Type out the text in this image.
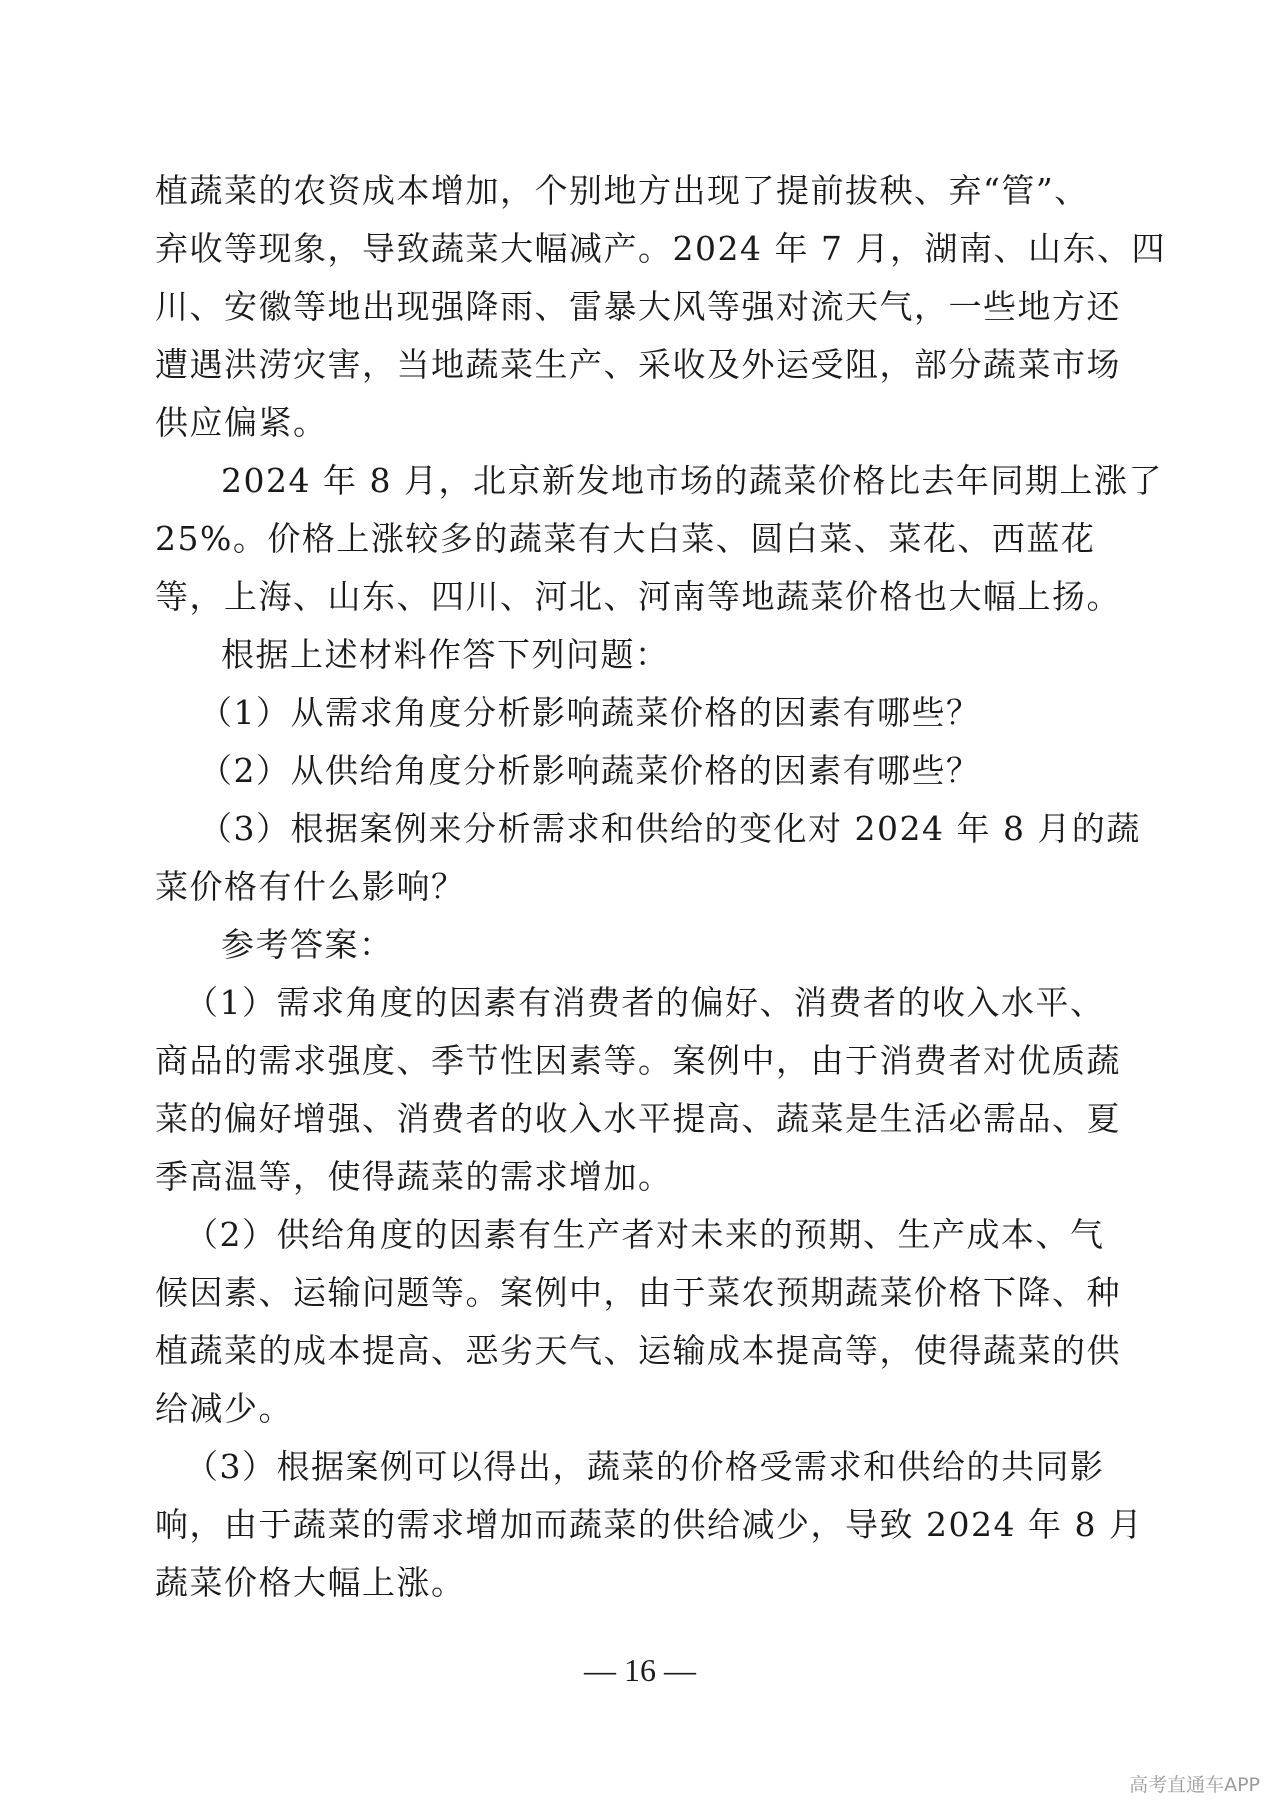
植蔬菜的农资成本增加，个别地方出现了提前拔秧、弃“管”、
弃收等现象，导致蔬菜大幅减产。2024 年 7 月，湖南、山东、四
川、安徽等地出现强降雨、雷暴大风等强对流天气，一些地方还
遭遇洪涝灾害，当地蔬菜生产、采收及外运受阻，部分蔬菜市场
供应偏紧。
2024 年 8 月，北京新发地市场的蔬菜价格比去年同期上涨了
25%。价格上涨较多的蔬菜有大白菜、圆白菜、菜花、西蓝花
等，上海、山东、四川、河北、河南等地蔬菜价格也大幅上扬。
根据上述材料作答下列问题：
（1）从需求角度分析影响蔬菜价格的因素有哪些？
（2）从供给角度分析影响蔬菜价格的因素有哪些？
（3）根据案例来分析需求和供给的变化对 2024 年 8 月的蔬
菜价格有什么影响？
参考答案：
（1）需求角度的因素有消费者的偏好、消费者的收入水平、
商品的需求强度、季节性因素等。案例中，由于消费者对优质蔬
菜的偏好增强、消费者的收入水平提高、蔬菜是生活必需品、夏
季高温等，使得蔬菜的需求增加。
（2）供给角度的因素有生产者对未来的预期、生产成本、气
候因素、运输问题等。案例中，由于菜农预期蔬菜价格下降、种
植蔬菜的成本提高、恶劣天气、运输成本提高等，使得蔬菜的供
给减少。
（3）根据案例可以得出，蔬菜的价格受需求和供给的共同影
响，由于蔬菜的需求增加而蔬菜的供给减少，导致 2024 年 8 月
蔬菜价格大幅上涨。
— 16 —
高考直通车APP
